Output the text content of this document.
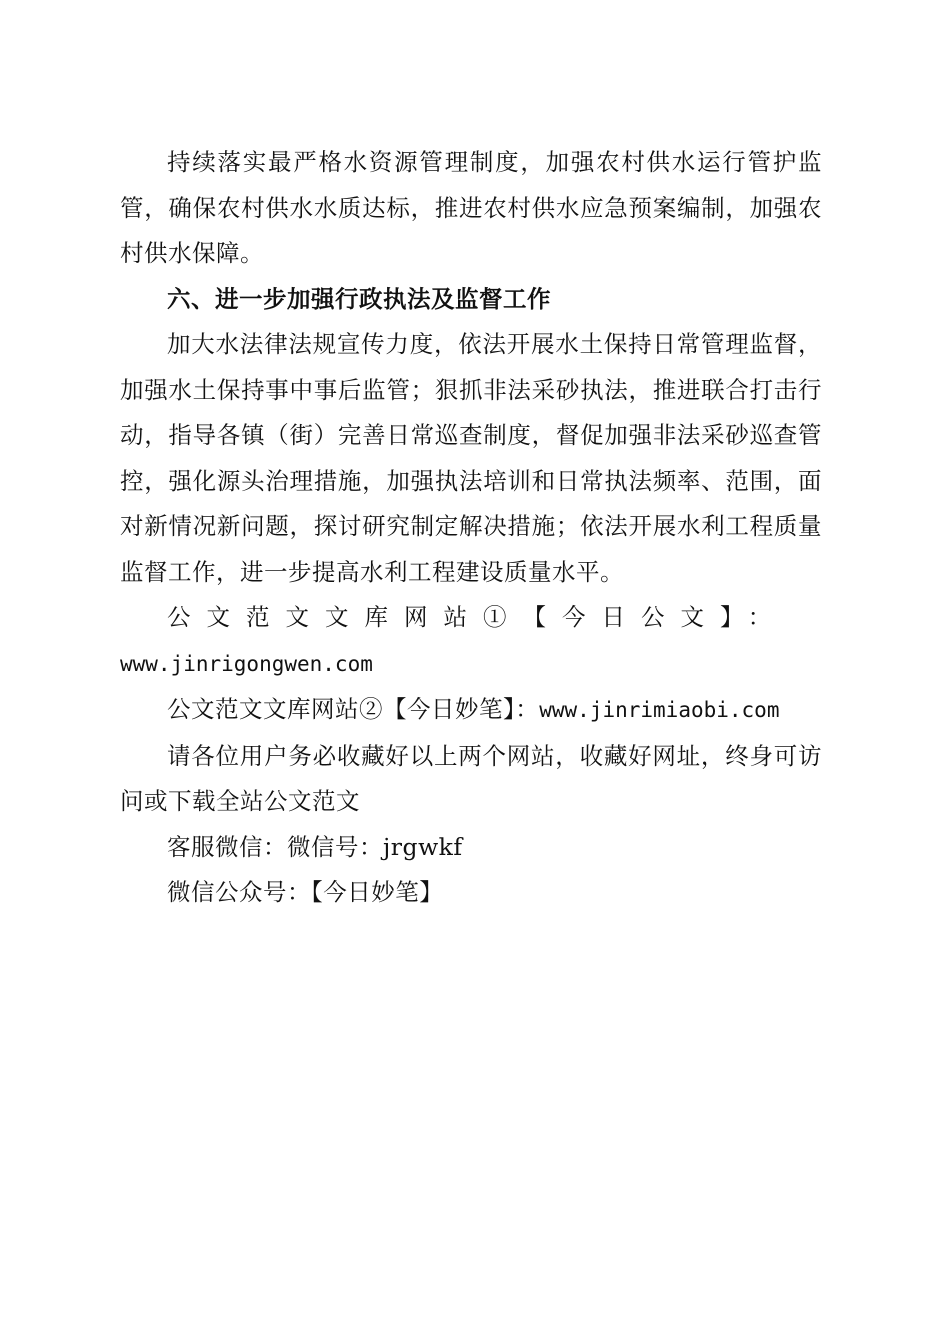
持续落实最严格水资源管理制度，加强农村供水运行管护监管，确保农村供水水质达标，推进农村供水应急预案编制，加强农村供水保障。

六、进一步加强行政执法及监督工作

加大水法律法规宣传力度，依法开展水土保持日常管理监督，加强水土保持事中事后监管；狠抓非法采砂执法，推进联合打击行动，指导各镇（街）完善日常巡查制度，督促加强非法采砂巡查管控，强化源头治理措施，加强执法培训和日常执法频率、范围，面对新情况新问题，探讨研究制定解决措施；依法开展水利工程质量监督工作，进一步提高水利工程建设质量水平。

公文范文文库网站①【今日公文】：
www.jinrigongwen.com

公文范文文库网站②【今日妙笔】：www.jinrimiaobi.com

请各位用户务必收藏好以上两个网站，收藏好网址，终身可访问或下载全站公文范文

客服微信：微信号：jrgwkf

微信公众号：【今日妙笔】
